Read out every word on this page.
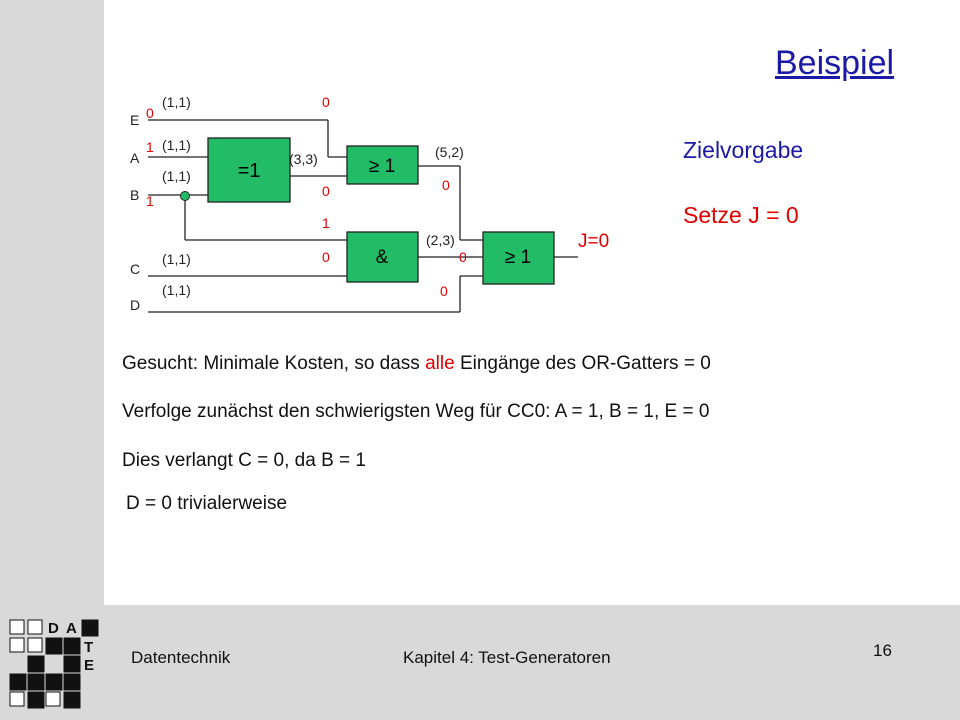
Beispiel
=1	≥ 1
&	≥ 1
E
A
B
C
D
(1,1)
(1,1)
(1,1)
(1,1)
(1,1)
(3,3)	(5,2)
(2,3)
0
1
1
0
0
1
0
0
0
0
J=0
Zielvorgabe
Setze J = 0
Gesucht: Minimale Kosten, so dass alle Eingänge des OR-Gatters = 0
Verfolge zunächst den schwierigsten Weg für CC0: A = 1, B = 1, E = 0
Dies verlangt C = 0, da B = 1
D = 0 trivialerweise
D A
T
E Datentechnik	Kapitel 4: Test-Generatoren	16
